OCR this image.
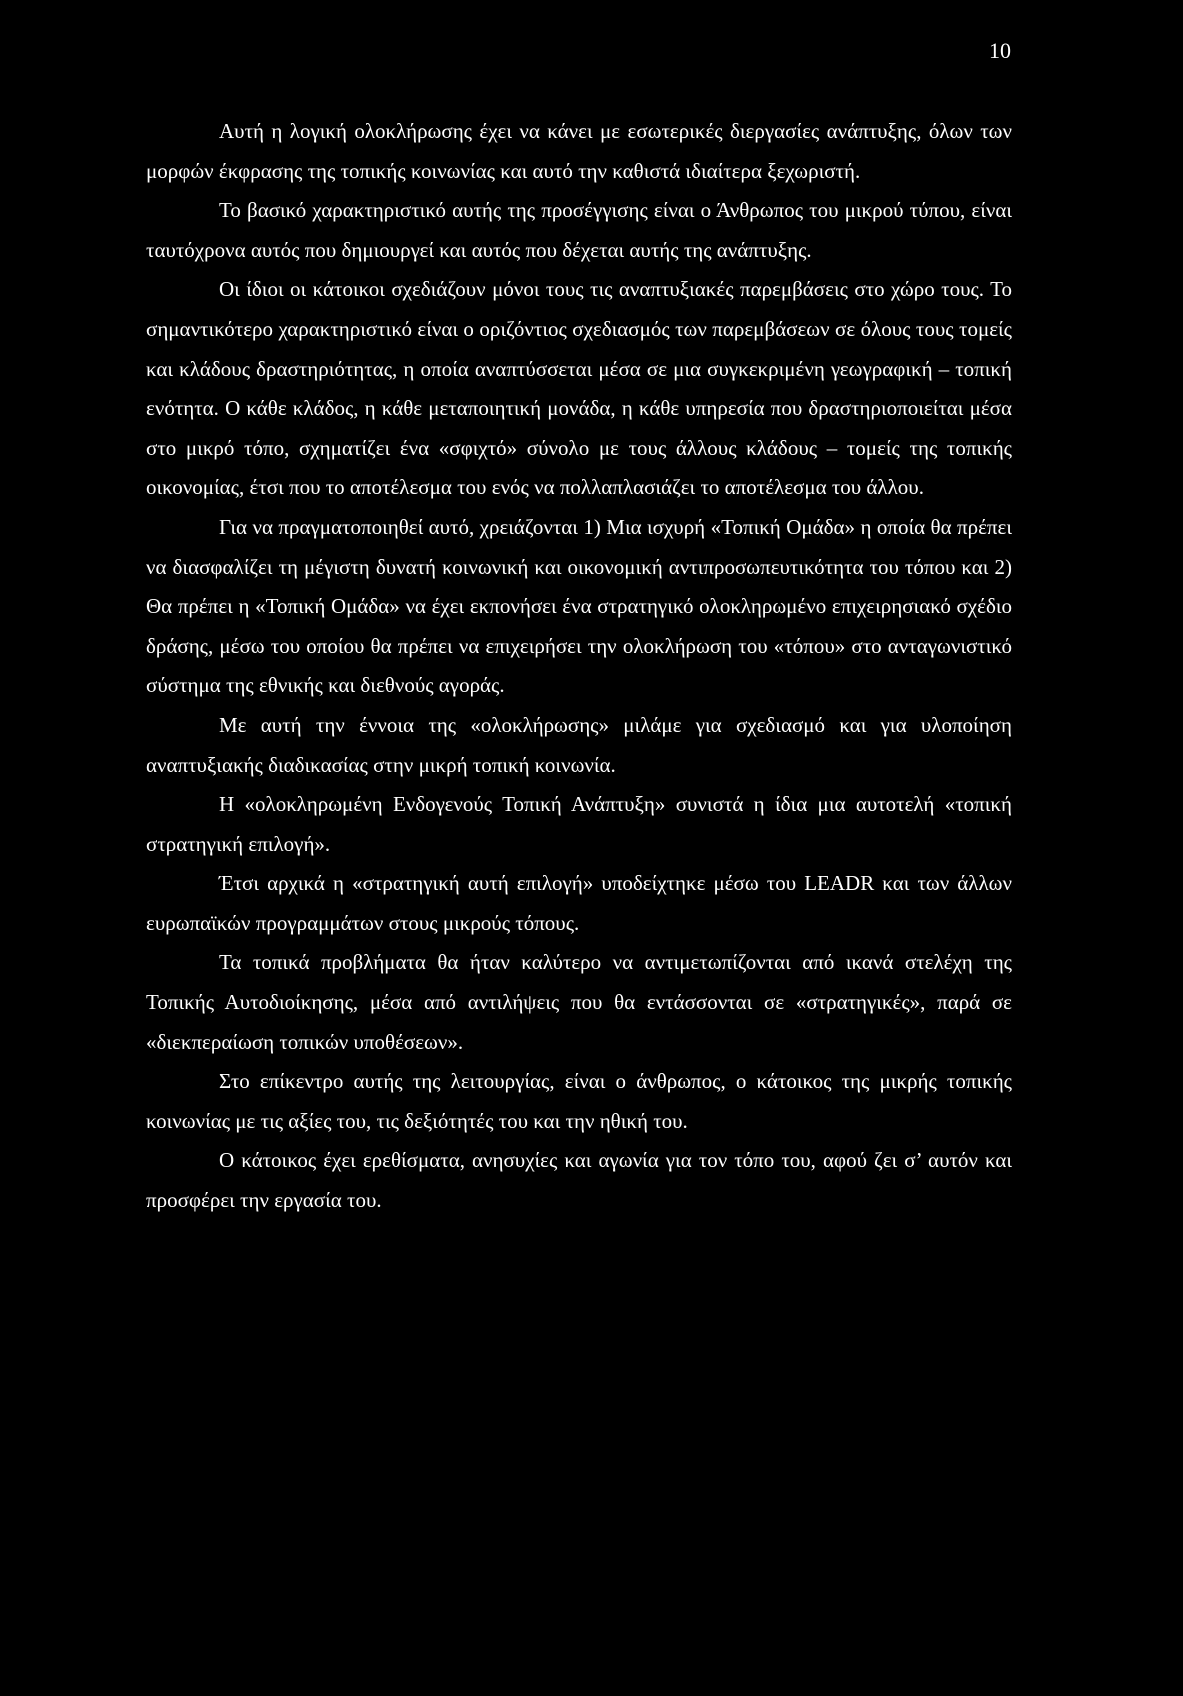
10

Αυτή η λογική ολοκλήρωσης έχει να κάνει με εσωτερικές διεργασίες ανάπτυξης, όλων των μορφών έκφρασης της τοπικής κοινωνίας και αυτό την καθιστά ιδιαίτερα ξεχωριστή.

Το βασικό χαρακτηριστικό αυτής της προσέγγισης είναι ο Άνθρωπος του μικρού τύπου, είναι ταυτόχρονα αυτός που δημιουργεί και αυτός που δέχεται αυτής της ανάπτυξης.

Οι ίδιοι οι κάτοικοι σχεδιάζουν μόνοι τους τις αναπτυξιακές παρεμβάσεις στο χώρο τους. Το σημαντικότερο χαρακτηριστικό είναι ο οριζόντιος σχεδιασμός των παρεμβάσεων σε όλους τους τομείς και κλάδους δραστηριότητας, η οποία αναπτύσσεται μέσα σε μια συγκεκριμένη γεωγραφική – τοπική ενότητα. Ο κάθε κλάδος, η κάθε μεταποιητική μονάδα, η κάθε υπηρεσία που δραστηριοποιείται μέσα στο μικρό τόπο, σχηματίζει ένα «σφιχτό» σύνολο με τους άλλους κλάδους – τομείς της τοπικής οικονομίας, έτσι που το αποτέλεσμα του ενός να πολλαπλασιάζει το αποτέλεσμα του άλλου.

Για να πραγματοποιηθεί αυτό, χρειάζονται 1) Μια ισχυρή «Τοπική Ομάδα» η οποία θα πρέπει να διασφαλίζει τη μέγιστη δυνατή κοινωνική και οικονομική αντιπροσωπευτικότητα του τόπου και 2) Θα πρέπει η «Τοπική Ομάδα» να έχει εκπονήσει ένα στρατηγικό ολοκληρωμένο επιχειρησιακό σχέδιο δράσης, μέσω του οποίου θα πρέπει να επιχειρήσει την ολοκλήρωση του «τόπου» στο ανταγωνιστικό σύστημα της εθνικής και διεθνούς αγοράς.

Με αυτή την έννοια της «ολοκλήρωσης» μιλάμε για σχεδιασμό και για υλοποίηση αναπτυξιακής διαδικασίας στην μικρή τοπική κοινωνία.

Η «ολοκληρωμένη Ενδογενούς Τοπική Ανάπτυξη» συνιστά η ίδια μια αυτοτελή «τοπική στρατηγική επιλογή».

Έτσι αρχικά η «στρατηγική αυτή επιλογή» υποδείχτηκε μέσω του LEADR και των άλλων ευρωπαϊκών προγραμμάτων στους μικρούς τόπους.

Τα τοπικά προβλήματα θα ήταν καλύτερο να αντιμετωπίζονται από ικανά στελέχη της Τοπικής Αυτοδιοίκησης, μέσα από αντιλήψεις που θα εντάσσονται σε «στρατηγικές», παρά σε «διεκπεραίωση τοπικών υποθέσεων».

Στο επίκεντρο αυτής της λειτουργίας, είναι ο άνθρωπος, ο κάτοικος της μικρής τοπικής κοινωνίας με τις αξίες του, τις δεξιότητές του και την ηθική του.

Ο κάτοικος έχει ερεθίσματα, ανησυχίες και αγωνία για τον τόπο του, αφού ζει σ’ αυτόν και προσφέρει την εργασία του.
